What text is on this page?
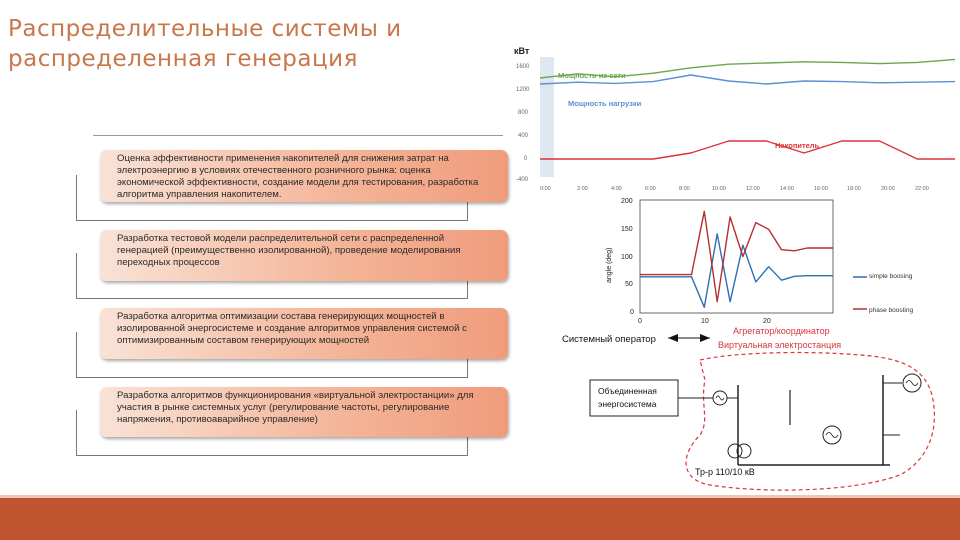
Распределительные системы и распределенная генерация
Оценка эффективности применения накопителей для снижения затрат на электроэнергию в условиях отечественного розничного рынка: оценка экономической эффективности, создание модели для тестирования, разработка алгоритма управления накопителем.
Разработка тестовой модели распределительной сети с распределенной генерацией (преимущественно изолированной), проведение моделирования переходных процессов
Разработка алгоритма оптимизации состава генерирующих мощностей в изолированной энергосистеме и создание алгоритмов управления системой с оптимизированным составом генерирующих мощностей
Разработка алгоритмов функционирования «виртуальной электростанции» для участия в рынке системных услуг (регулирование частоты, регулирование напряжения, противоаварийное управление)
кВт
1600
1200
800
400
0
-400
0:00	2:00	4:00	6:00	8:00	10:00	12:00	14:00	16:00	18:00	20:00	22:00
Мощность из сети
Мощность нагрузки
Накопитель
angle (deg)
200
150
100
50
0
0	10	20
simple boosing
phase boosting
Системный оператор
Агрегатор/координатор
Виртуальная электростанция
Объединенная
энергосистема
Тр-р 110/10 кВ
